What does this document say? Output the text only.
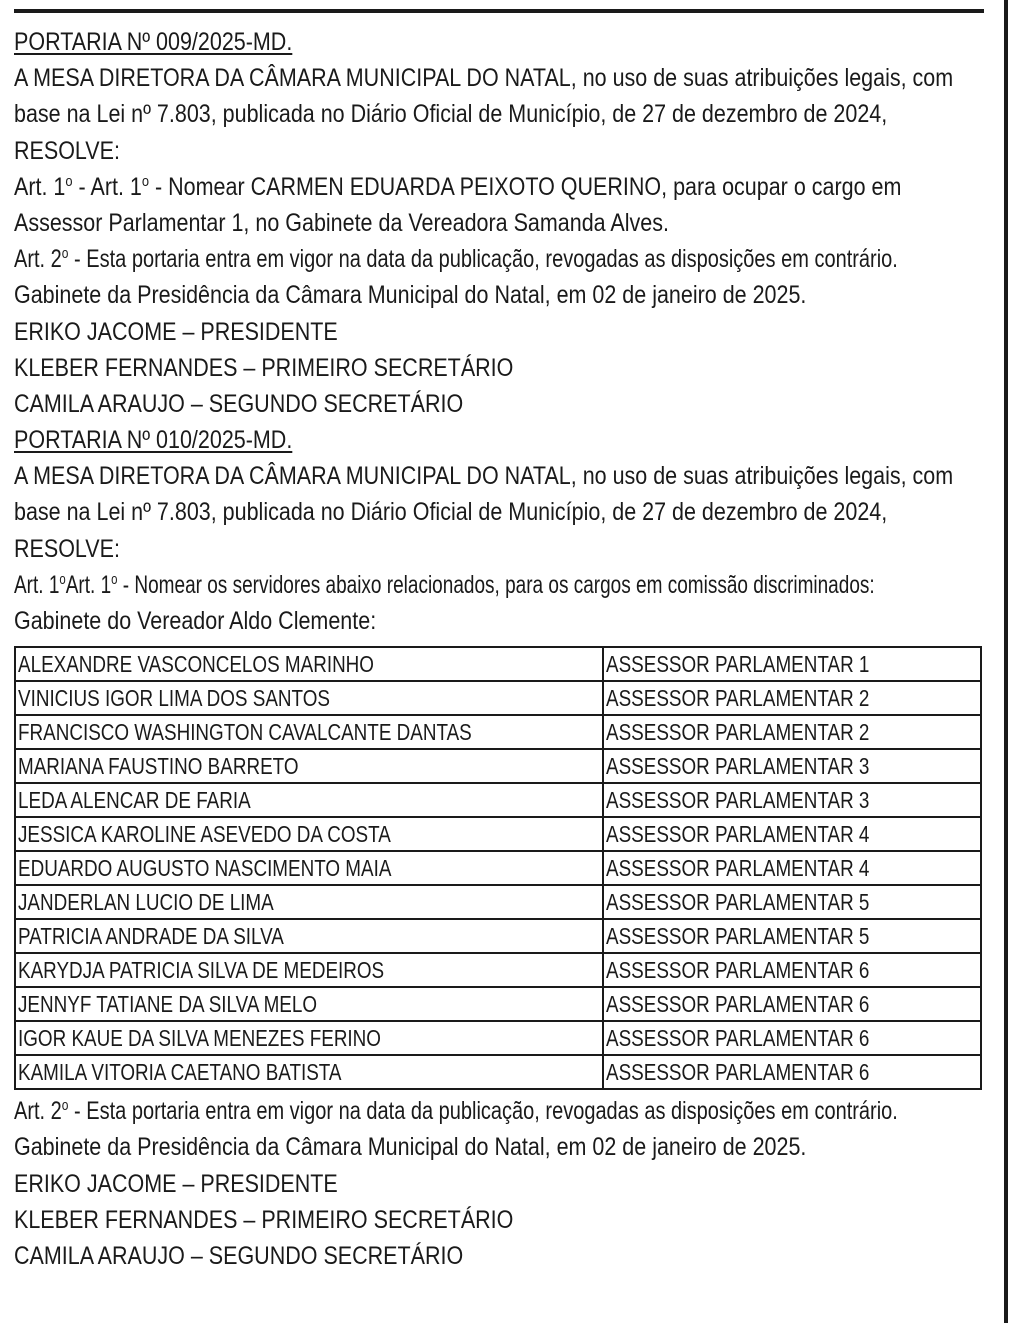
PORTARIA Nº 009/2025-MD.
A MESA DIRETORA DA CÂMARA MUNICIPAL DO NATAL, no uso de suas atribuições legais, com
base na Lei nº 7.803, publicada no Diário Oficial de Município, de 27 de dezembro de 2024,
RESOLVE:
Art. 1$^o$ - Art. 1$^o$ - Nomear CARMEN EDUARDA PEIXOTO QUERINO, para ocupar o cargo em
Assessor Parlamentar 1, no Gabinete da Vereadora Samanda Alves.
Art. 2$^o$ - Esta portaria entra em vigor na data da publicação, revogadas as disposições em contrário.
Gabinete da Presidência da Câmara Municipal do Natal, em 02 de janeiro de 2025.
ERIKO JACOME – PRESIDENTE
KLEBER FERNANDES – PRIMEIRO SECRETÁRIO
CAMILA ARAUJO – SEGUNDO SECRETÁRIO
PORTARIA Nº 010/2025-MD.
A MESA DIRETORA DA CÂMARA MUNICIPAL DO NATAL, no uso de suas atribuições legais, com
base na Lei nº 7.803, publicada no Diário Oficial de Município, de 27 de dezembro de 2024,
RESOLVE:
Art. 1$^o$Art. 1$^o$ - Nomear os servidores abaixo relacionados, para os cargos em comissão discriminados:
Gabinete do Vereador Aldo Clemente:
ALEXANDRE VASCONCELOS MARINHO	ASSESSOR PARLAMENTAR 1
VINICIUS IGOR LIMA DOS SANTOS	ASSESSOR PARLAMENTAR 2
FRANCISCO WASHINGTON CAVALCANTE DANTAS	ASSESSOR PARLAMENTAR 2
MARIANA FAUSTINO BARRETO	ASSESSOR PARLAMENTAR 3
LEDA ALENCAR DE FARIA	ASSESSOR PARLAMENTAR 3
JESSICA KAROLINE ASEVEDO DA COSTA	ASSESSOR PARLAMENTAR 4
EDUARDO AUGUSTO NASCIMENTO MAIA	ASSESSOR PARLAMENTAR 4
JANDERLAN LUCIO DE LIMA	ASSESSOR PARLAMENTAR 5
PATRICIA ANDRADE DA SILVA	ASSESSOR PARLAMENTAR 5
KARYDJA PATRICIA SILVA DE MEDEIROS	ASSESSOR PARLAMENTAR 6
JENNYF TATIANE DA SILVA MELO	ASSESSOR PARLAMENTAR 6
IGOR KAUE DA SILVA MENEZES FERINO	ASSESSOR PARLAMENTAR 6
KAMILA VITORIA CAETANO BATISTA	ASSESSOR PARLAMENTAR 6
Art. 2$^o$ - Esta portaria entra em vigor na data da publicação, revogadas as disposições em contrário.
Gabinete da Presidência da Câmara Municipal do Natal, em 02 de janeiro de 2025.
ERIKO JACOME – PRESIDENTE
KLEBER FERNANDES – PRIMEIRO SECRETÁRIO
CAMILA ARAUJO – SEGUNDO SECRETÁRIO
